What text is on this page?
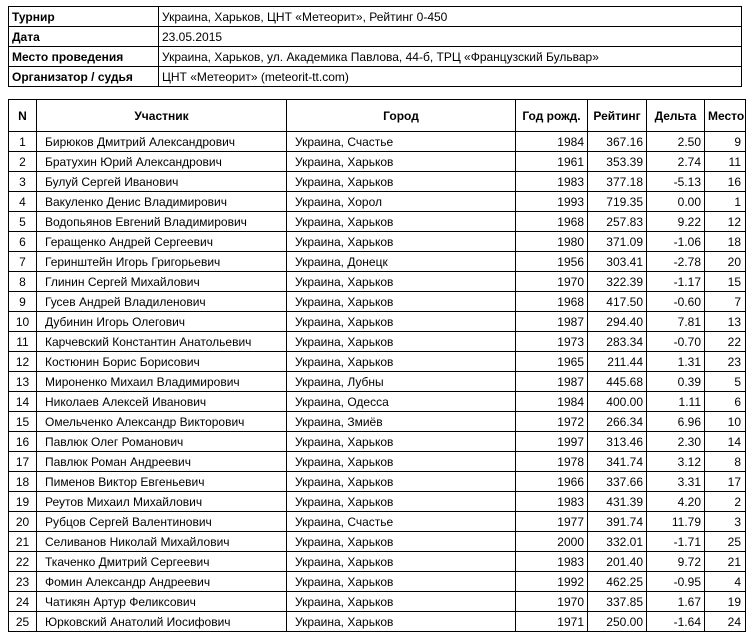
Турнир	Украина, Харьков, ЦНТ «Метеорит», Рейтинг 0-450
Дата	23.05.2015
Место проведения	Украина, Харьков, ул. Академика Павлова, 44-б, ТРЦ «Французский Бульвар»
Организатор / судья	ЦНТ «Метеорит» (meteorit-tt.com)
N	Участник	Город	Год рожд.	Рейтинг	Дельта	Место
1	Бирюков Дмитрий Александрович	Украина, Счастье	1984	367.16	2.50	9
2	Братухин Юрий Александрович	Украина, Харьков	1961	353.39	2.74	11
3	Булуй Сергей Иванович	Украина, Харьков	1983	377.18	-5.13	16
4	Вакуленко Денис Владимирович	Украина, Хорол	1993	719.35	0.00	1
5	Водопьянов Евгений Владимирович	Украина, Харьков	1968	257.83	9.22	12
6	Геращенко Андрей Сергеевич	Украина, Харьков	1980	371.09	-1.06	18
7	Геринштейн Игорь Григорьевич	Украина, Донецк	1956	303.41	-2.78	20
8	Глинин Сергей Михайлович	Украина, Харьков	1970	322.39	-1.17	15
9	Гусев Андрей Владиленович	Украина, Харьков	1968	417.50	-0.60	7
10	Дубинин Игорь Олегович	Украина, Харьков	1987	294.40	7.81	13
11	Карчевский Константин Анатольевич	Украина, Харьков	1973	283.34	-0.70	22
12	Костюнин Борис Борисович	Украина, Харьков	1965	211.44	1.31	23
13	Мироненко Михаил Владимирович	Украина, Лубны	1987	445.68	0.39	5
14	Николаев Алексей Иванович	Украина, Одесса	1984	400.00	1.11	6
15	Омельченко Александр Викторович	Украина, Змиёв	1972	266.34	6.96	10
16	Павлюк Олег Романович	Украина, Харьков	1997	313.46	2.30	14
17	Павлюк Роман Андреевич	Украина, Харьков	1978	341.74	3.12	8
18	Пименов Виктор Евгеньевич	Украина, Харьков	1966	337.66	3.31	17
19	Реутов Михаил Михайлович	Украина, Харьков	1983	431.39	4.20	2
20	Рубцов Сергей Валентинович	Украина, Счастье	1977	391.74	11.79	3
21	Селиванов Николай Михайлович	Украина, Харьков	2000	332.01	-1.71	25
22	Ткаченко Дмитрий Сергеевич	Украина, Харьков	1983	201.40	9.72	21
23	Фомин Александр Андреевич	Украина, Харьков	1992	462.25	-0.95	4
24	Чатикян Артур Феликсович	Украина, Харьков	1970	337.85	1.67	19
25	Юрковский Анатолий Иосифович	Украина, Харьков	1971	250.00	-1.64	24
